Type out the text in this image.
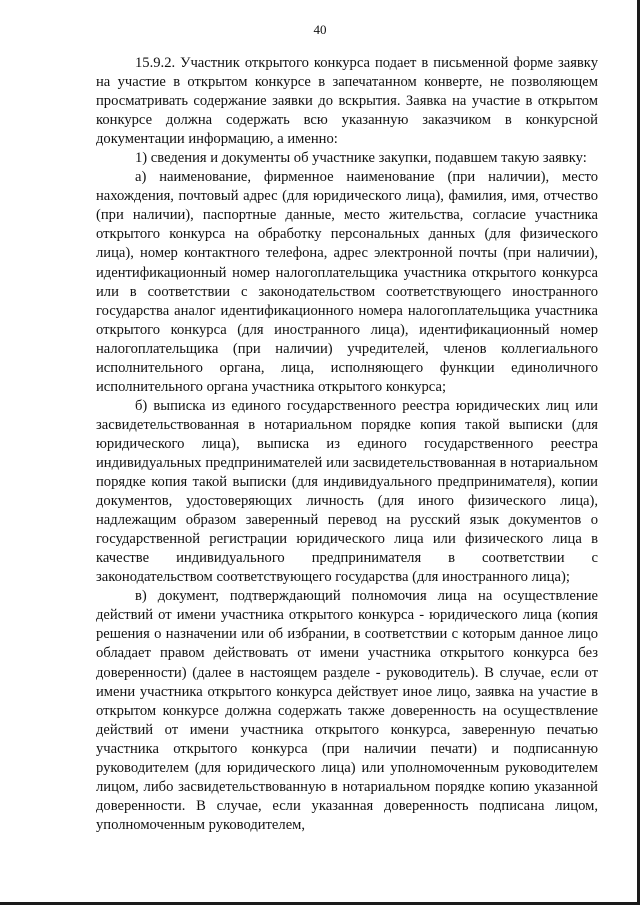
40

15.9.2. Участник открытого конкурса подает в письменной форме заявку на участие в открытом конкурсе в запечатанном конверте, не позволяющем просматривать содержание заявки до вскрытия. Заявка на участие в открытом конкурсе должна содержать всю указанную заказчиком в конкурсной документации информацию, а именно:

1) сведения и документы об участнике закупки, подавшем такую заявку:

а) наименование, фирменное наименование (при наличии), место нахождения, почтовый адрес (для юридического лица), фамилия, имя, отчество (при наличии), паспортные данные, место жительства, согласие участника открытого конкурса на обработку персональных данных (для физического лица), номер контактного телефона, адрес электронной почты (при наличии), идентификационный номер налогоплательщика участника открытого конкурса или в соответствии с законодательством соответствующего иностранного государства аналог идентификационного номера налогоплательщика участника открытого конкурса (для иностранного лица), идентификационный номер налогоплательщика (при наличии) учредителей, членов коллегиального исполнительного органа, лица, исполняющего функции единоличного исполнительного органа участника открытого конкурса;

б) выписка из единого государственного реестра юридических лиц или засвидетельствованная в нотариальном порядке копия такой выписки (для юридического лица), выписка из единого государственного реестра индивидуальных предпринимателей или засвидетельствованная в нотариальном порядке копия такой выписки (для индивидуального предпринимателя), копии документов, удостоверяющих личность (для иного физического лица), надлежащим образом заверенный перевод на русский язык документов о государственной регистрации юридического лица или физического лица в качестве индивидуального предпринимателя в соответствии с законодательством соответствующего государства (для иностранного лица);

в) документ, подтверждающий полномочия лица на осуществление действий от имени участника открытого конкурса - юридического лица (копия решения о назначении или об избрании, в соответствии с которым данное лицо обладает правом действовать от имени участника открытого конкурса без доверенности) (далее в настоящем разделе - руководитель). В случае, если от имени участника открытого конкурса действует иное лицо, заявка на участие в открытом конкурсе должна содержать также доверенность на осуществление действий от имени участника открытого конкурса, заверенную печатью участника открытого конкурса (при наличии печати) и подписанную руководителем (для юридического лица) или уполномоченным руководителем лицом, либо засвидетельствованную в нотариальном порядке копию указанной доверенности. В случае, если указанная доверенность подписана лицом, уполномоченным руководителем,
